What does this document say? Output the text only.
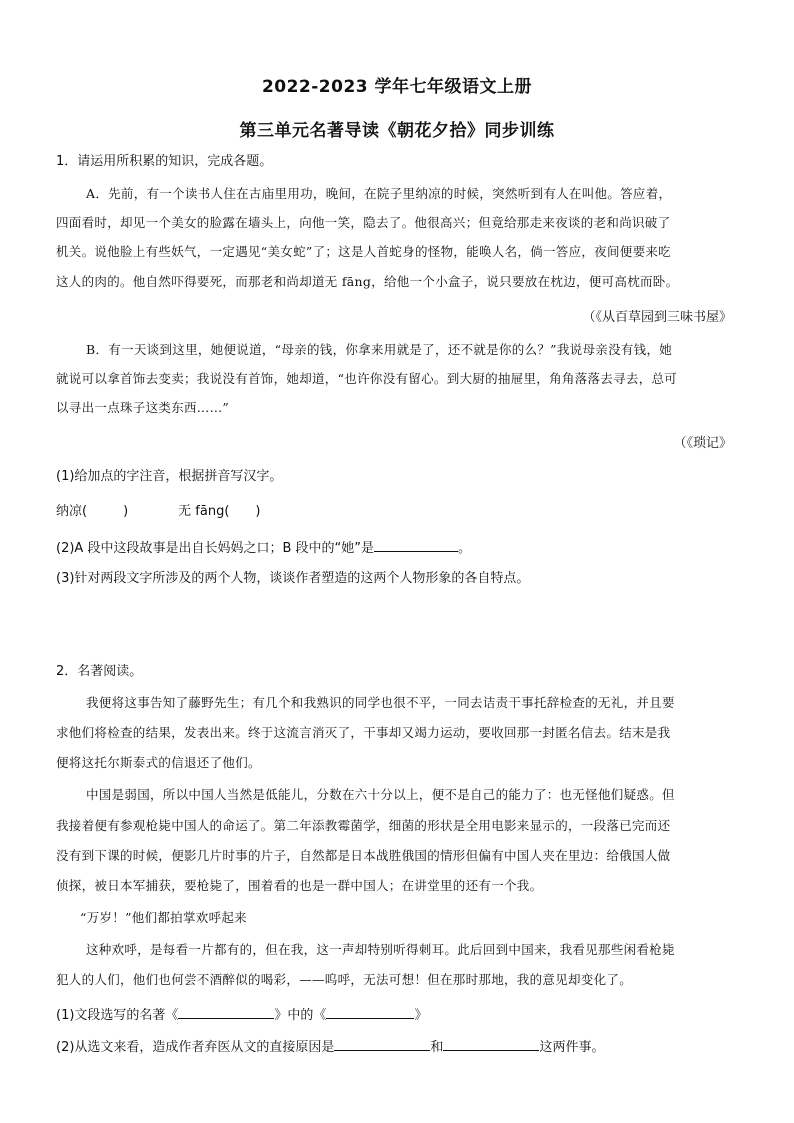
2022-2023 学年七年级语文上册
第三单元名著导读《朝花夕拾》同步训练
1．请运用所积累的知识，完成各题。
A．先前，有一个读书人住在古庙里用功，晚间，在院子里纳凉的时候，突然听到有人在叫他。答应着，
四面看时，却见一个美女的脸露在墙头上，向他一笑，隐去了。他很高兴；但竟给那走来夜谈的老和尚识破了
机关。说他脸上有些妖气，一定遇见“美女蛇”了；这是人首蛇身的怪物，能唤人名，倘一答应，夜间便要来吃
这人的肉的。他自然吓得要死，而那老和尚却道无 fāng，给他一个小盒子，说只要放在枕边，便可高枕而卧。
（《从百草园到三味书屋》
B．有一天谈到这里，她便说道，“母亲的钱，你拿来用就是了，还不就是你的么？”我说母亲没有钱，她
就说可以拿首饰去变卖；我说没有首饰，她却道，“也许你没有留心。到大厨的抽屉里，角角落落去寻去，总可
以寻出一点珠子这类东西……”
（《琐记》
(1)给加点的字注音，根据拼音写汉字。
纳凉(	)	无 fāng( )
(2)A 段中这段故事是出自长妈妈之口；B 段中的“她”是	。
(3)针对两段文字所涉及的两个人物，谈谈作者塑造的这两个人物形象的各自特点。
2．名著阅读。
我便将这事告知了藤野先生；有几个和我熟识的同学也很不平，一同去诘责干事托辞检查的无礼，并且要
求他们将检查的结果，发表出来。终于这流言消灭了，干事却又竭力运动，要收回那一封匿名信去。结末是我
便将这托尔斯泰式的信退还了他们。
中国是弱国，所以中国人当然是低能儿，分数在六十分以上，便不是自己的能力了：也无怪他们疑惑。但
我接着便有参观枪毙中国人的命运了。第二年添教霉菌学，细菌的形状是全用电影来显示的，一段落已完而还
没有到下课的时候，便影几片时事的片子，自然都是日本战胜俄国的情形但偏有中国人夹在里边：给俄国人做
侦探，被日本军捕获，要枪毙了，围着看的也是一群中国人；在讲堂里的还有一个我。
“万岁！”他们都拍掌欢呼起来
这种欢呼，是每看一片都有的，但在我，这一声却特别听得刺耳。此后回到中国来，我看见那些闲看枪毙
犯人的人们，他们也何尝不酒醉似的喝彩，——呜呼，无法可想！但在那时那地，我的意见却变化了。
(1)文段选写的名著《	》中的《	》
(2)从选文来看，造成作者弃医从文的直接原因是	和	这两件事。
